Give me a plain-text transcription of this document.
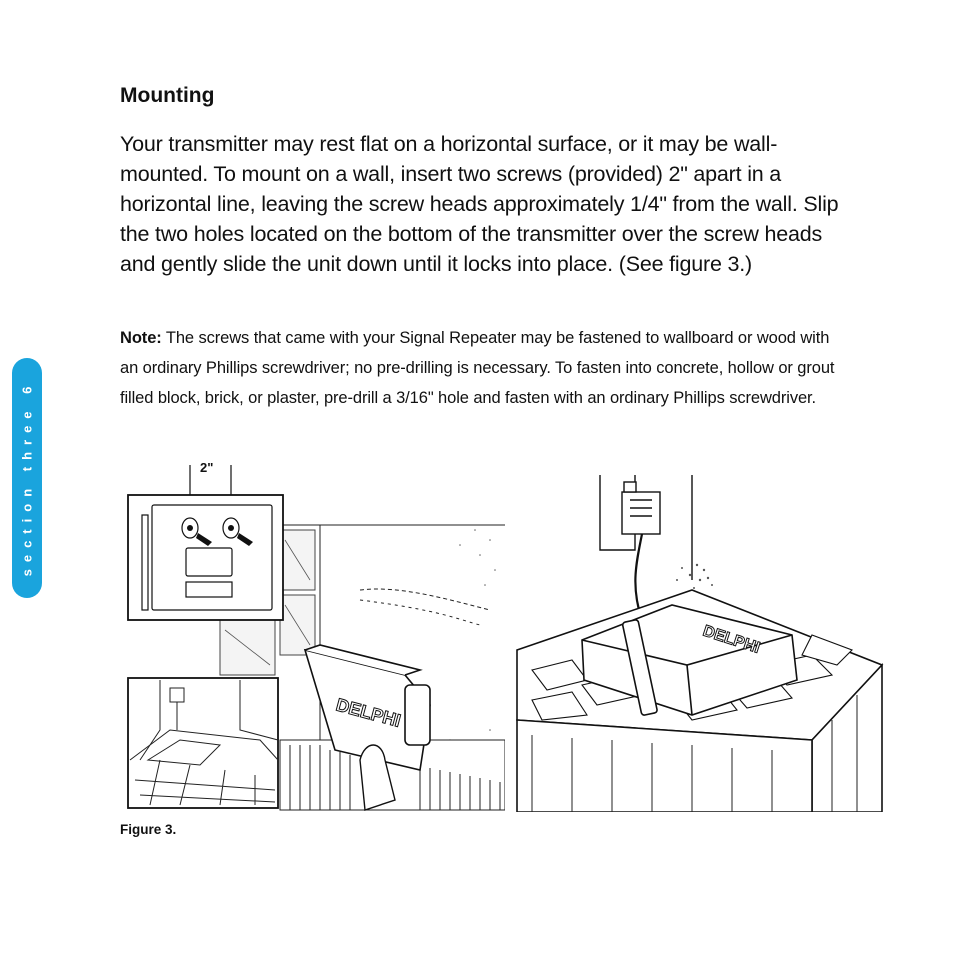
section three 6
Mounting

Your transmitter may rest flat on a horizontal surface, or it may be wall-mounted. To mount on a wall, insert two screws (provided) 2" apart in a horizontal line, leaving the screw heads approximately 1/4" from the wall. Slip the two holes located on the bottom of the transmitter over the screw heads and gently slide the unit down until it locks into place. (See figure 3.)

Note: The screws that came with your Signal Repeater may be fastened to wallboard or wood with an ordinary Phillips screwdriver; no pre-drilling is necessary. To fasten into concrete, hollow or grout filled block, brick, or plaster, pre-drill a 3/16" hole and fasten with an ordinary Phillips screwdriver.

2"
DELPHI
DELPHI
Figure 3.
